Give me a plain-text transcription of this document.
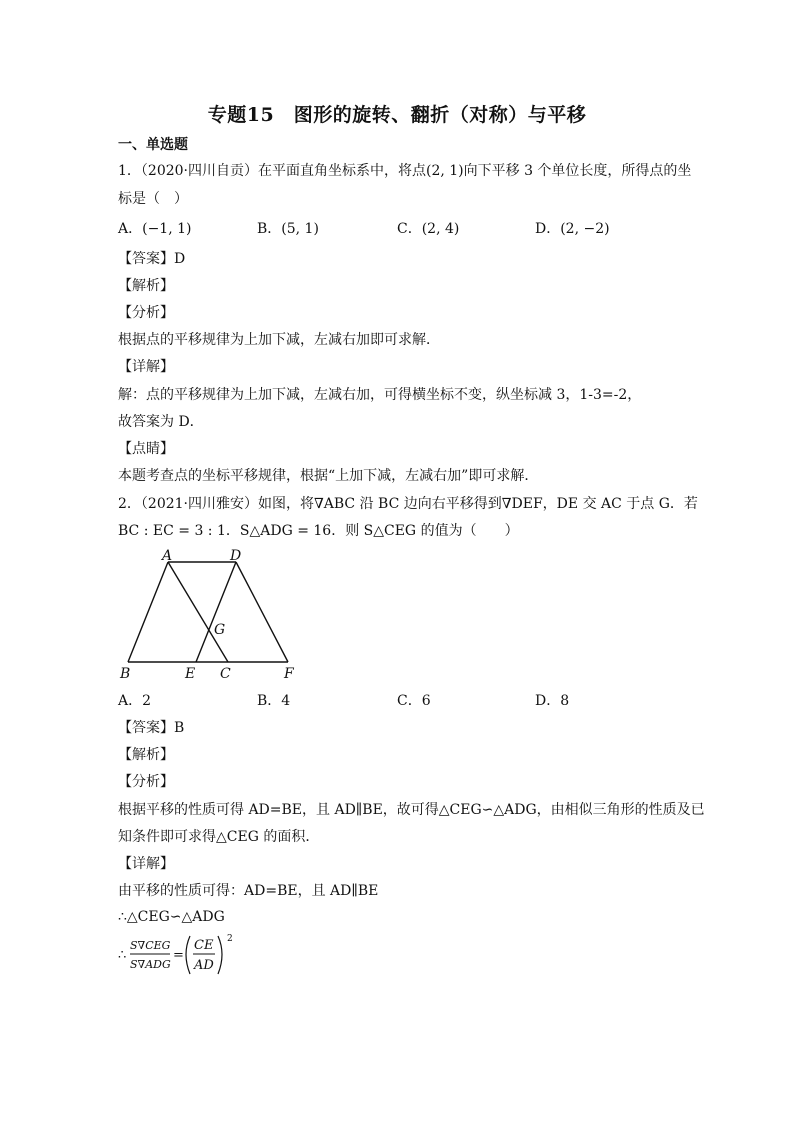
专题15　图形的旋转、翻折（对称）与平移
一、单选题
1．（2020·四川自贡）在平面直角坐标系中，将点(2, 1)向下平移 3 个单位长度，所得点的坐
标是（　）
A．(−1, 1)	B．(5, 1)	C．(2, 4)	D．(2, −2)
【答案】D
【解析】
【分析】
根据点的平移规律为上加下减，左减右加即可求解．
【详解】
解：点的平移规律为上加下减，左减右加，可得横坐标不变，纵坐标减 3，1-3=-2，
故答案为 D．
【点睛】
本题考查点的坐标平移规律，根据“上加下减，左减右加”即可求解．
2．（2021·四川雅安）如图，将∇ABC 沿 BC 边向右平移得到∇DEF，DE 交 AC 于点 G．若
BC : EC = 3 : 1．S△ADG = 16．则 S△CEG 的值为（　　）
A	D
G
B	E C	F
A．2	B．4	C．6	D．8
【答案】B
【解析】
【分析】
根据平移的性质可得 AD=BE，且 AD∥BE，故可得△CEG∽△ADG，由相似三角形的性质及已
知条件即可求得△CEG 的面积．
【详解】
由平移的性质可得：AD=BE，且 AD∥BE
∴△CEG∽△ADG
∴
S∇CEG
S∇ADG
=
CE
AD
2
